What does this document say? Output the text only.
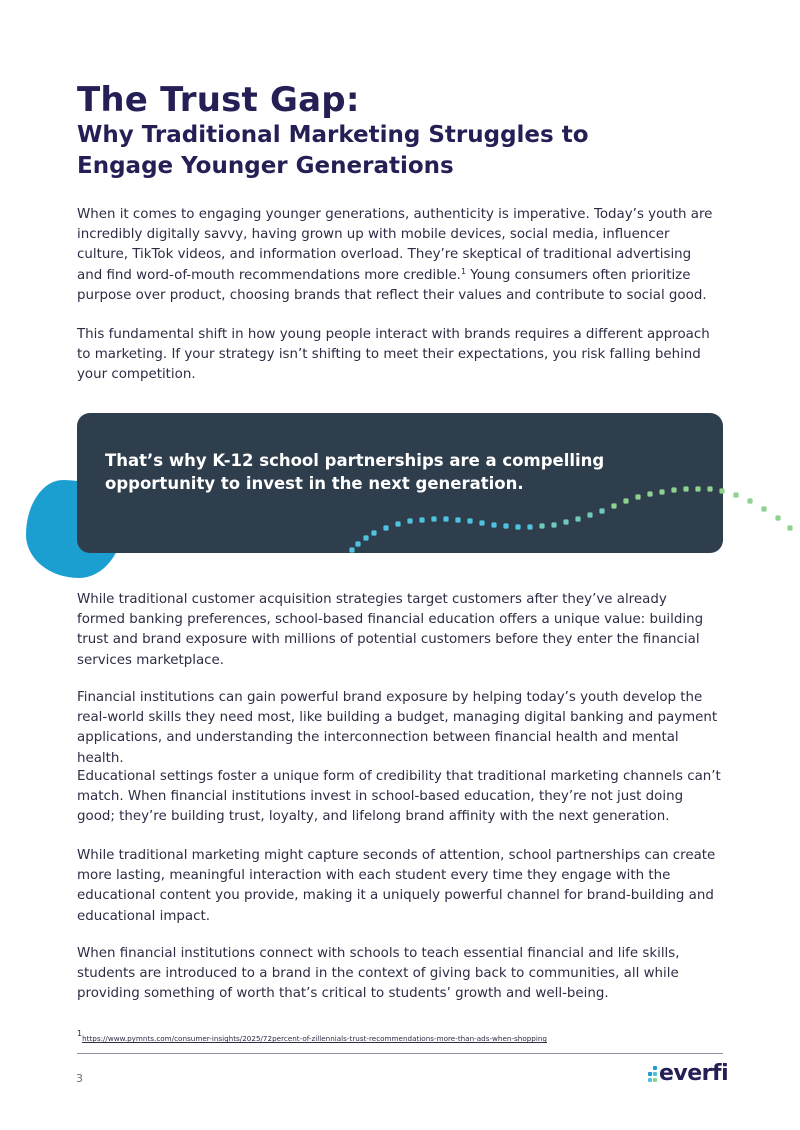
The Trust Gap:
Why Traditional Marketing Struggles to Engage Younger Generations

When it comes to engaging younger generations, authenticity is imperative. Today’s youth are incredibly digitally savvy, having grown up with mobile devices, social media, influencer culture, TikTok videos, and information overload. They’re skeptical of traditional advertising and find word-of-mouth recommendations more credible.$^1$ Young consumers often prioritize purpose over product, choosing brands that reflect their values and contribute to social good.

This fundamental shift in how young people interact with brands requires a different approach to marketing. If your strategy isn’t shifting to meet their expectations, you risk falling behind your competition.

That’s why K-12 school partnerships are a compelling opportunity to invest in the next generation.

While traditional customer acquisition strategies target customers after they’ve already formed banking preferences, school-based financial education offers a unique value: building trust and brand exposure with millions of potential customers before they enter the financial services marketplace.

Financial institutions can gain powerful brand exposure by helping today’s youth develop the real-world skills they need most, like building a budget, managing digital banking and payment applications, and understanding the interconnection between financial health and mental health.

Educational settings foster a unique form of credibility that traditional marketing channels can’t match. When financial institutions invest in school-based education, they’re not just doing good; they’re building trust, loyalty, and lifelong brand affinity with the next generation.

While traditional marketing might capture seconds of attention, school partnerships can create more lasting, meaningful interaction with each student every time they engage with the educational content you provide, making it a uniquely powerful channel for brand-building and educational impact.

When financial institutions connect with schools to teach essential financial and life skills, students are introduced to a brand in the context of giving back to communities, all while providing something of worth that’s critical to students’ growth and well-being.

$^1$https://www.pymnts.com/consumer-insights/2025/72percent-of-zillennials-trust-recommendations-more-than-ads-when-shopping
3	everfi
